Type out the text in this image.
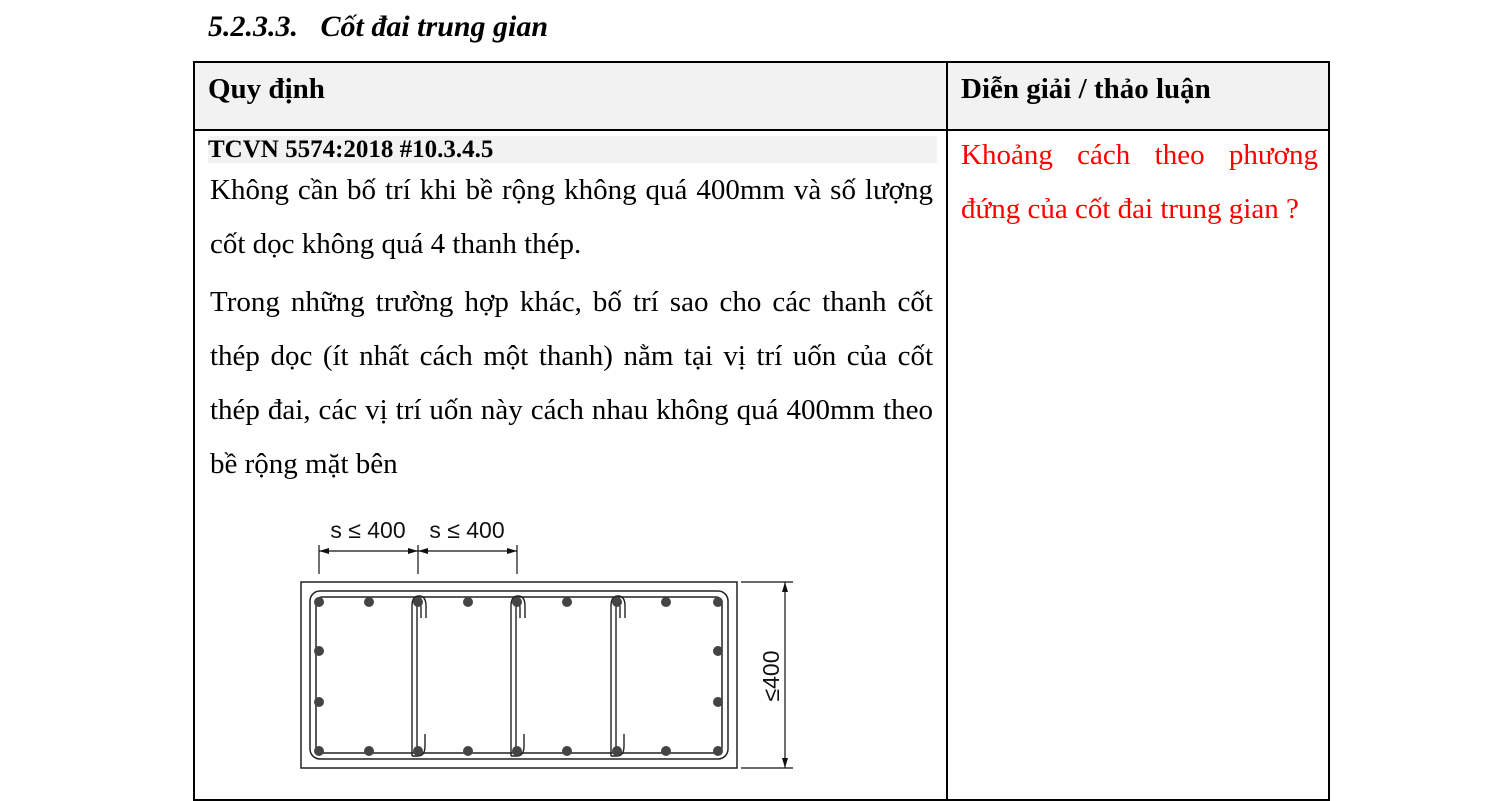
5.2.3.3.   Cốt đai trung gian
Quy định	Diễn giải / thảo luận
TCVN 5574:2018 #10.3.4.5
Không cần bố trí khi bề rộng không quá 400mm và số lượng cốt dọc không quá 4 thanh thép.
Trong những trường hợp khác, bố trí sao cho các thanh cốt thép dọc (ít nhất cách một thanh) nằm tại vị trí uốn của cốt thép đai, các vị trí uốn này cách nhau không quá 400mm theo bề rộng mặt bên
Khoảng cách theo phương đứng của cốt đai trung gian ?
s ≤ 400 s ≤ 400
≤400
